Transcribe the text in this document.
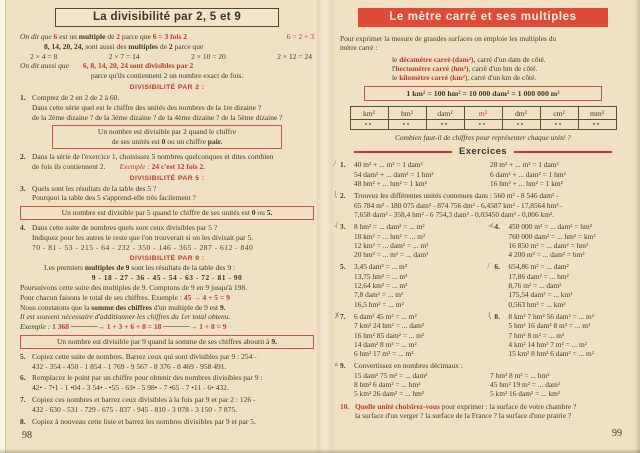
La divisibilité par 2, 5 et 9
On dit que 6 est un multiple de 2 parce que 6 = 3 fois 2	6 = 2 × 3
8, 14, 20, 24, sont aussi des multiples de 2 parce que
2 × 4 = 8	2 × 7 = 14	2 × 10 = 20	2 × 12 = 24
On dit aussi que 6, 8, 14, 20, 24 sont divisibles par 2
parce qu'ils contiennent 2 un nombre exact de fois.
DIVISIBILITÉ PAR 2 :
1. Comptez de 2 en 2 de 2 à 60.
Dans cette série quel est le chiffre des unités des nombres de la 1re dizaine ?
de la 2ème dizaine ? de la 3ème dizaine ? de la 4ème dizaine ? de la 5ème dizaine ?
Un nombre est divisible par 2 quand le chiffre
de ses unités est 0 ou un chiffre pair.
2. Dans la série de l'exercice 1, choisissez 5 nombres quelconques et dites combien
de fois ils contiennent 2. Exemple : 24 c'est 12 fois 2.
DIVISIBILITÉ PAR 5 :
3. Quels sont les résultats de la table des 5 ?
Pourquoi la table des 5 s'apprend-elle très facilement ?
Un nombre est divisible par 5 quand le chiffre de ses unités est 0 ou 5.
4. Dans cette suite de nombres quels sont ceux divisibles par 5 ?
Indiquez pour les autres le reste que l'on trouverait si on les divisait par 5.
70 - 81 - 53 - 215 - 64 - 232 - 350 - 146 - 365 - 287 - 612 - 840
DIVISIBILITÉ PAR 9 :
Les premiers multiples de 9 sont les résultats de la table des 9 :
9 - 18 - 27 - 36 - 45 - 54 - 63 - 72 - 81 - 90
Poursuivons cette suite des multiples de 9. Comptons de 9 en 9 jusqu'à 198.
Pour chacun faisons le total de ses chiffres. Exemple : 45 → 4 + 5 = 9
Nous constatons que la somme des chiffres d'un multiple de 9 est 9.
Il est souvent nécessaire d'additionner les chiffres du 1er total obtenu.
Exemple : 1 368 ─────→ 1 + 3 + 6 + 8 = 18 ─────→ 1 + 8 = 9
Un nombre est divisible par 9 quand la somme de ses chiffres aboutit à 9.
5. Copiez cette suite de nombres. Barrez ceux qui sont divisibles par 9 : 254 -
432 - 354 - 450 - 1 854 - 1 769 - 9 567 - 8 376 - 8 469 - 958 491.
6. Remplacez le point par un chiffre pour obtenir des nombres divisibles par 9 :
42• - 7•1 - 1 •04 - 3 54• - •55 - 63• - 5 98• - 7 •65 - 7 •11 - 6• 432.
7. Copiez ces nombres et barrez ceux divisibles à la fois par 9 et par 2 : 126 -
432 - 630 - 531 - 729 - 675 - 837 - 945 - 810 - 3 078 - 3 150 - 7 875.
8. Copiez à nouveau cette liste et barrez les nombres divisibles par 9 et par 5.
98
Le mètre carré et ses multiples
Pour exprimer la mesure de grandes surfaces on emploie les multiples du
mètre carré :
le décamètre carré (dam²), carré d'un dam de côté.
l'hectomètre carré (hm²), carré d'un hm de côté.
le kilomètre carré (km²), carré d'un km de côté.
1 km² = 100 hm² = 10 000 dam² = 1 000 000 m²
km²	hm²	dam²	m²	dm²	cm²	mm²
••	••	••	••	••	••	••
Combien faut-il de chiffres pour représenter chaque unité ?
Exercices
⁄ 1. 40 m² + ... m² = 1 dam²
54 dam² + ... dam² = 1 hm²
48 hm² + ... hm² = 1 km²
28 m² + ... m² = 1 dam²
6 dam² + ... dam² = 1 hm²
16 hm² + ... hm² = 1 km²
⟨ 2. Trouvez les différentes unités contenues dans : 560 m² - 8 546 dam² -
65 784 m² - 180 075 dam² - 874 756 dm² - 6,4587 km² - 17,8564 hm² -
7,658 dam² - 358,4 hm² - 6 754,3 dam² - 0,03450 dam² - 0,006 km².
√ 3. 8 hm² = ... dam² = ... m²
18 km² = ... hm² = ... m²
12 km² = ... dam² = ... m²
20 hm² = ... m² = ... dam²
≺
4. 450 000 m² = ... dam² = hm²
760 000 dam² = ... hm² = km²
16 850 m² = ... dam² = hm²
4 200 m² = ... dam² = hm²
5. 3,45 dam² = ... m²
13,75 hm² = ... m²
12,64 km² = ... m²
7,8 dam² = ... m²
16,5 hm² = ... m²
⁄ 6. 654,86 m² = ... dam²
17,86 dam² = ... hm²
8,76 m² = ... dam²
175,54 dam² = ... km²
0,563 hm² = ... km²
✗
7. 6 dam² 45 m² = ... m²
7 km² 24 hm² = ... dam²
16 hm² 85 dam² = ... m²
14 dam² 8 m² = ... m²
6 hm² 17 m² = ... m²
⟨ 8. 8 km² 7 hm² 56 dam² = ... m²
5 hm² 16 dam² 8 m² = ... m²
7 hm² 8 m² = ... m²
4 km² 14 hm² 7 m² = ... m²
15 km² 8 hm² 6 dam² = ... m²
× 9. Convertissez en nombres décimaux :
15 dam² 75 m² = ... dam²
8 hm² 6 dam² = ... hm²
5 km² 26 dam² = ... hm²
7 hm² 8 m² = ... hm²
45 hm² 19 m² = ... dam²
5 km² 16 dam² = ... km²
10. Quelle unité choisirez-vous pour exprimer : la surface de votre chambre ?
la surface d'un verger ? la surface de la France ? la surface d'une prairie ?
99
